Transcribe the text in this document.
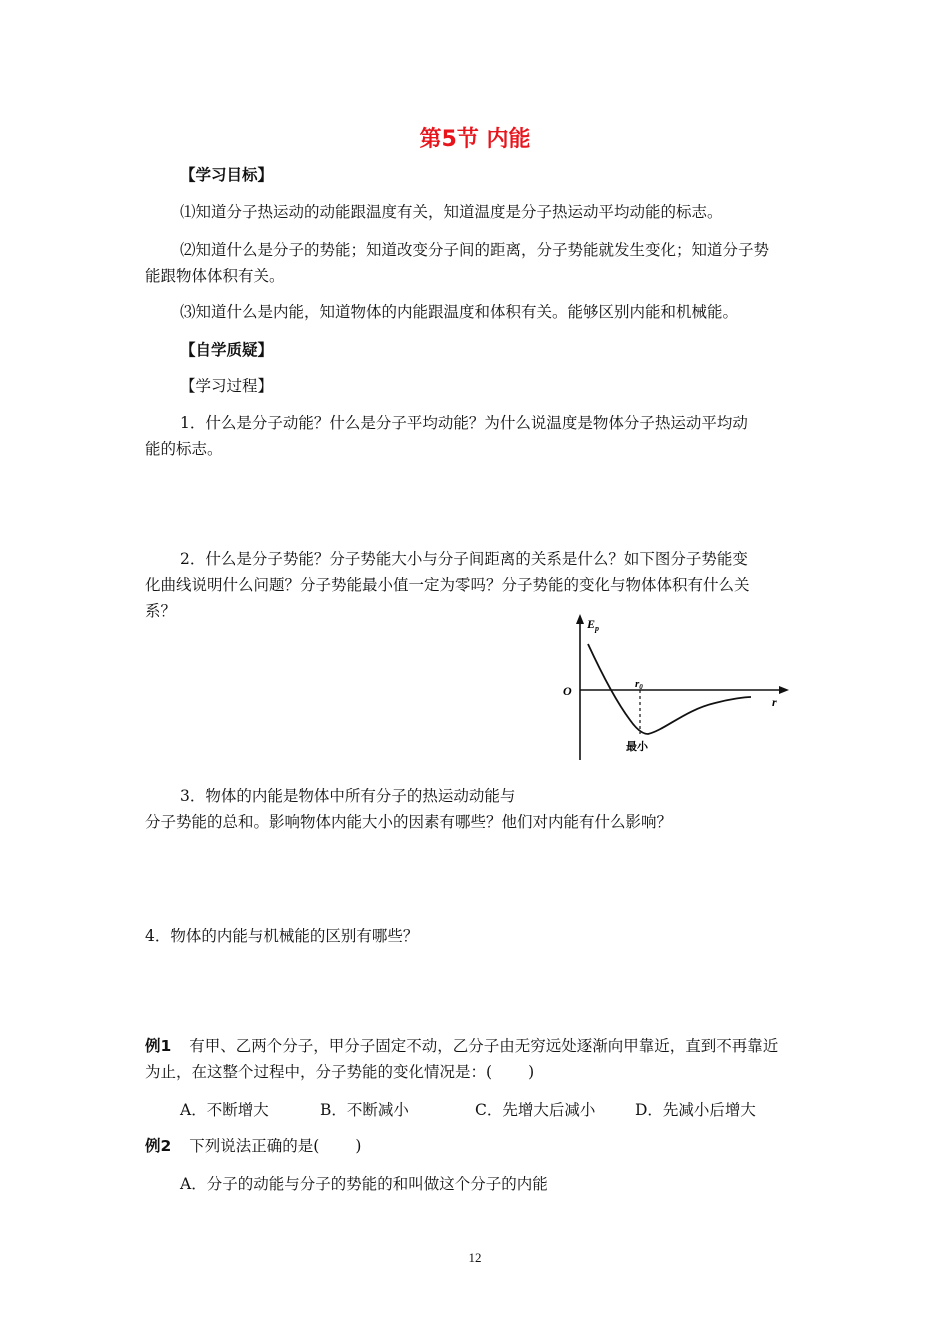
第5节 内能
【学习目标】
⑴知道分子热运动的动能跟温度有关，知道温度是分子热运动平均动能的标志。
⑵知道什么是分子的势能；知道改变分子间的距离，分子势能就发生变化；知道分子势
能跟物体体积有关。
⑶知道什么是内能，知道物体的内能跟温度和体积有关。能够区别内能和机械能。
【自学质疑】
【学习过程】
1．什么是分子动能？什么是分子平均动能？为什么说温度是物体分子热运动平均动
能的标志。
2．什么是分子势能？分子势能大小与分子间距离的关系是什么？如下图分子势能变
化曲线说明什么问题？分子势能最小值一定为零吗？分子势能的变化与物体体积有什么关
系？
$E_p$
O
r
r0
最小
3．物体的内能是物体中所有分子的热运动动能与
分子势能的总和。影响物体内能大小的因素有哪些？他们对内能有什么影响？
4．物体的内能与机械能的区别有哪些？
例1 有甲、乙两个分子，甲分子固定不动，乙分子由无穷远处逐渐向甲靠近，直到不再靠近
为止，在这整个过程中，分子势能的变化情况是：( )
A．不断增大	B．不断减小	C．先增大后减小	D．先减小后增大
例2 下列说法正确的是( )
A．分子的动能与分子的势能的和叫做这个分子的内能
12
